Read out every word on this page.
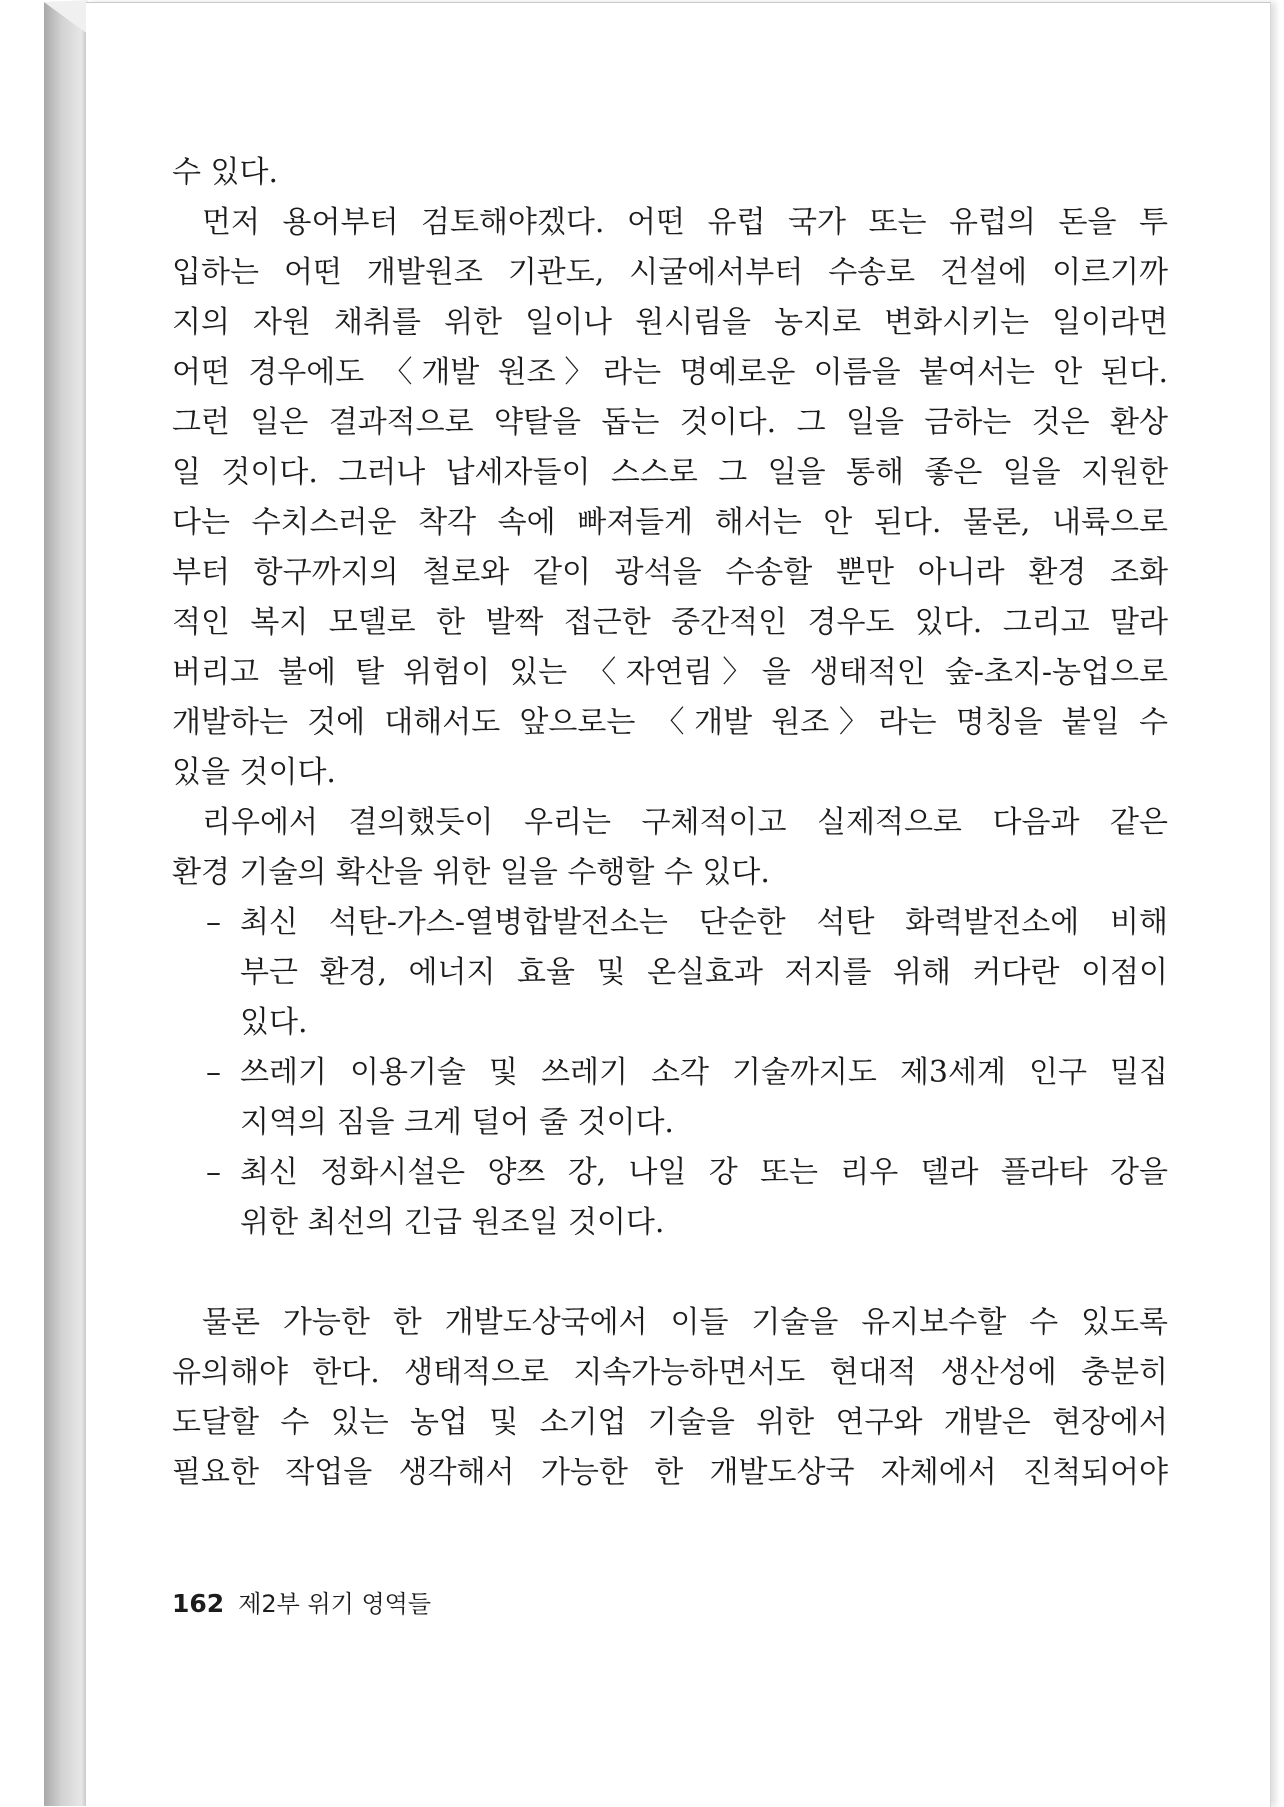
수 있다.
먼저 용어부터 검토해야겠다. 어떤 유럽 국가 또는 유럽의 돈을 투
입하는 어떤 개발원조 기관도, 시굴에서부터 수송로 건설에 이르기까
지의 자원 채취를 위한 일이나 원시림을 농지로 변화시키는 일이라면
어떤 경우에도 〈개발 원조〉라는 명예로운 이름을 붙여서는 안 된다.
그런 일은 결과적으로 약탈을 돕는 것이다. 그 일을 금하는 것은 환상
일 것이다. 그러나 납세자들이 스스로 그 일을 통해 좋은 일을 지원한
다는 수치스러운 착각 속에 빠져들게 해서는 안 된다. 물론, 내륙으로
부터 항구까지의 철로와 같이 광석을 수송할 뿐만 아니라 환경 조화
적인 복지 모델로 한 발짝 접근한 중간적인 경우도 있다. 그리고 말라
버리고 불에 탈 위험이 있는 〈자연림〉을 생태적인 숲-초지-농업으로
개발하는 것에 대해서도 앞으로는 〈개발 원조〉라는 명칭을 붙일 수
있을 것이다.
리우에서 결의했듯이 우리는 구체적이고 실제적으로 다음과 같은
환경 기술의 확산을 위한 일을 수행할 수 있다.
– 최신 석탄-가스-열병합발전소는 단순한 석탄 화력발전소에 비해
부근 환경, 에너지 효율 및 온실효과 저지를 위해 커다란 이점이
있다.
– 쓰레기 이용기술 및 쓰레기 소각 기술까지도 제3세계 인구 밀집
지역의 짐을 크게 덜어 줄 것이다.
– 최신 정화시설은 양쯔 강, 나일 강 또는 리우 델라 플라타 강을
위한 최선의 긴급 원조일 것이다.
물론 가능한 한 개발도상국에서 이들 기술을 유지보수할 수 있도록
유의해야 한다. 생태적으로 지속가능하면서도 현대적 생산성에 충분히
도달할 수 있는 농업 및 소기업 기술을 위한 연구와 개발은 현장에서
필요한 작업을 생각해서 가능한 한 개발도상국 자체에서 진척되어야
162 제2부 위기 영역들
